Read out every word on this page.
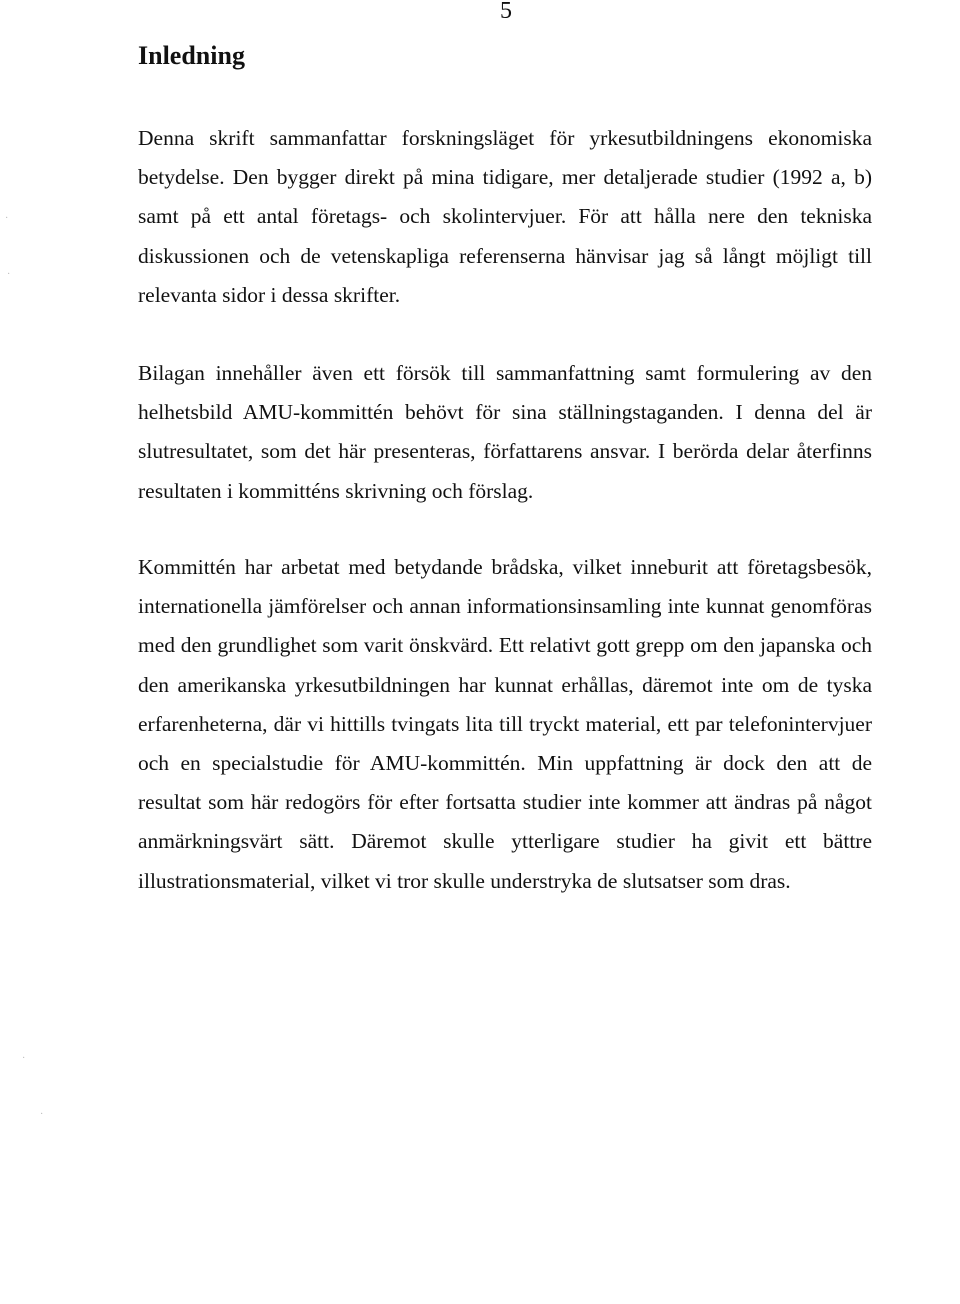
5
Inledning

Denna skrift sammanfattar forskningsläget för yrkesutbildningens ekonomiska betydelse. Den bygger direkt på mina tidigare, mer detaljerade studier (1992 a, b) samt på ett antal företags- och skolintervjuer. För att hålla nere den tekniska diskussionen och de vetenskapliga referenserna hänvisar jag så långt möjligt till relevanta sidor i dessa skrifter.

Bilagan innehåller även ett försök till sammanfattning samt formulering av den helhetsbild AMU-kommittén behövt för sina ställningstaganden. I denna del är slutresultatet, som det här presenteras, författarens ansvar. I berörda delar återfinns resultaten i kommitténs skrivning och förslag.

Kommittén har arbetat med betydande brådska, vilket inneburit att företagsbesök, internationella jämförelser och annan informationsinsamling inte kunnat genomföras med den grundlighet som varit önskvärd. Ett relativt gott grepp om den japanska och den amerikanska yrkesutbildningen har kunnat erhållas, däremot inte om de tyska erfarenheterna, där vi hittills tvingats lita till tryckt material, ett par telefonintervjuer och en specialstudie för AMU-kommittén. Min uppfattning är dock den att de resultat som här redogörs för efter fortsatta studier inte kommer att ändras på något anmärkningsvärt sätt. Däremot skulle ytterligare studier ha givit ett bättre illustrationsmaterial, vilket vi tror skulle understryka de slutsatser som dras.

·
·
·
·
